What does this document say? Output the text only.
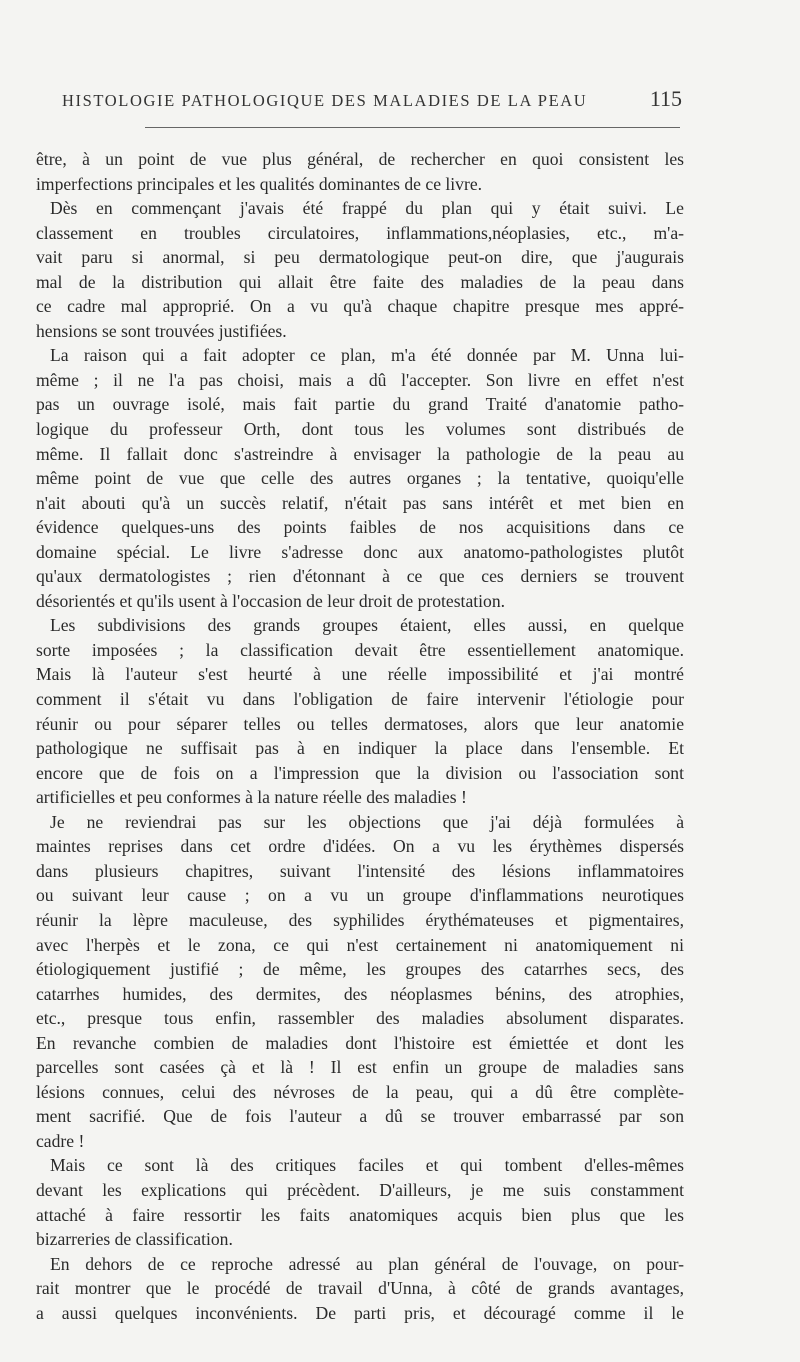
HISTOLOGIE PATHOLOGIQUE DES MALADIES DE LA PEAU	115
être, à un point de vue plus général, de rechercher en quoi consistent les
imperfections principales et les qualités dominantes de ce livre.
Dès en commençant j'avais été frappé du plan qui y était suivi. Le
classement en troubles circulatoires, inflammations,néoplasies, etc., m'a-
vait paru si anormal, si peu dermatologique peut-on dire, que j'augurais
mal de la distribution qui allait être faite des maladies de la peau dans
ce cadre mal approprié. On a vu qu'à chaque chapitre presque mes appré-
hensions se sont trouvées justifiées.
La raison qui a fait adopter ce plan, m'a été donnée par M. Unna lui-
même ; il ne l'a pas choisi, mais a dû l'accepter. Son livre en effet n'est
pas un ouvrage isolé, mais fait partie du grand Traité d'anatomie patho-
logique du professeur Orth, dont tous les volumes sont distribués de
même. Il fallait donc s'astreindre à envisager la pathologie de la peau au
même point de vue que celle des autres organes ; la tentative, quoiqu'elle
n'ait abouti qu'à un succès relatif, n'était pas sans intérêt et met bien en
évidence quelques-uns des points faibles de nos acquisitions dans ce
domaine spécial. Le livre s'adresse donc aux anatomo-pathologistes plutôt
qu'aux dermatologistes ; rien d'étonnant à ce que ces derniers se trouvent
désorientés et qu'ils usent à l'occasion de leur droit de protestation.
Les subdivisions des grands groupes étaient, elles aussi, en quelque
sorte imposées ; la classification devait être essentiellement anatomique.
Mais là l'auteur s'est heurté à une réelle impossibilité et j'ai montré
comment il s'était vu dans l'obligation de faire intervenir l'étiologie pour
réunir ou pour séparer telles ou telles dermatoses, alors que leur anatomie
pathologique ne suffisait pas à en indiquer la place dans l'ensemble. Et
encore que de fois on a l'impression que la division ou l'association sont
artificielles et peu conformes à la nature réelle des maladies !
Je ne reviendrai pas sur les objections que j'ai déjà formulées à
maintes reprises dans cet ordre d'idées. On a vu les érythèmes dispersés
dans plusieurs chapitres, suivant l'intensité des lésions inflammatoires
ou suivant leur cause ; on a vu un groupe d'inflammations neurotiques
réunir la lèpre maculeuse, des syphilides érythémateuses et pigmentaires,
avec l'herpès et le zona, ce qui n'est certainement ni anatomiquement ni
étiologiquement justifié ; de même, les groupes des catarrhes secs, des
catarrhes humides, des dermites, des néoplasmes bénins, des atrophies,
etc., presque tous enfin, rassembler des maladies absolument disparates.
En revanche combien de maladies dont l'histoire est émiettée et dont les
parcelles sont casées çà et là ! Il est enfin un groupe de maladies sans
lésions connues, celui des névroses de la peau, qui a dû être complète-
ment sacrifié. Que de fois l'auteur a dû se trouver embarrassé par son
cadre !
Mais ce sont là des critiques faciles et qui tombent d'elles-mêmes
devant les explications qui précèdent. D'ailleurs, je me suis constamment
attaché à faire ressortir les faits anatomiques acquis bien plus que les
bizarreries de classification.
En dehors de ce reproche adressé au plan général de l'ouvage, on pour-
rait montrer que le procédé de travail d'Unna, à côté de grands avantages,
a aussi quelques inconvénients. De parti pris, et découragé comme il le
